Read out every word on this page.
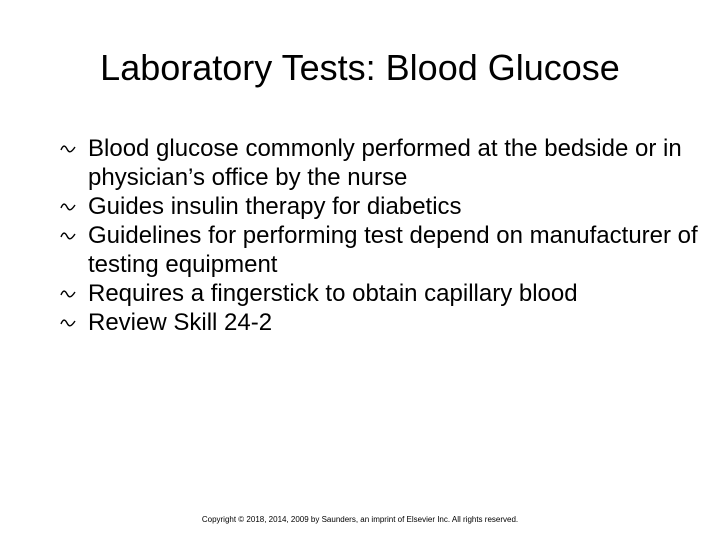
Laboratory Tests: Blood Glucose
Blood glucose commonly performed at the bedside or in physician’s office by the nurse
Guides insulin therapy for diabetics
Guidelines for performing test depend on manufacturer of testing equipment
Requires a fingerstick to obtain capillary blood
Review Skill 24-2
Copyright © 2018, 2014, 2009 by Saunders, an imprint of Elsevier Inc. All rights reserved.
